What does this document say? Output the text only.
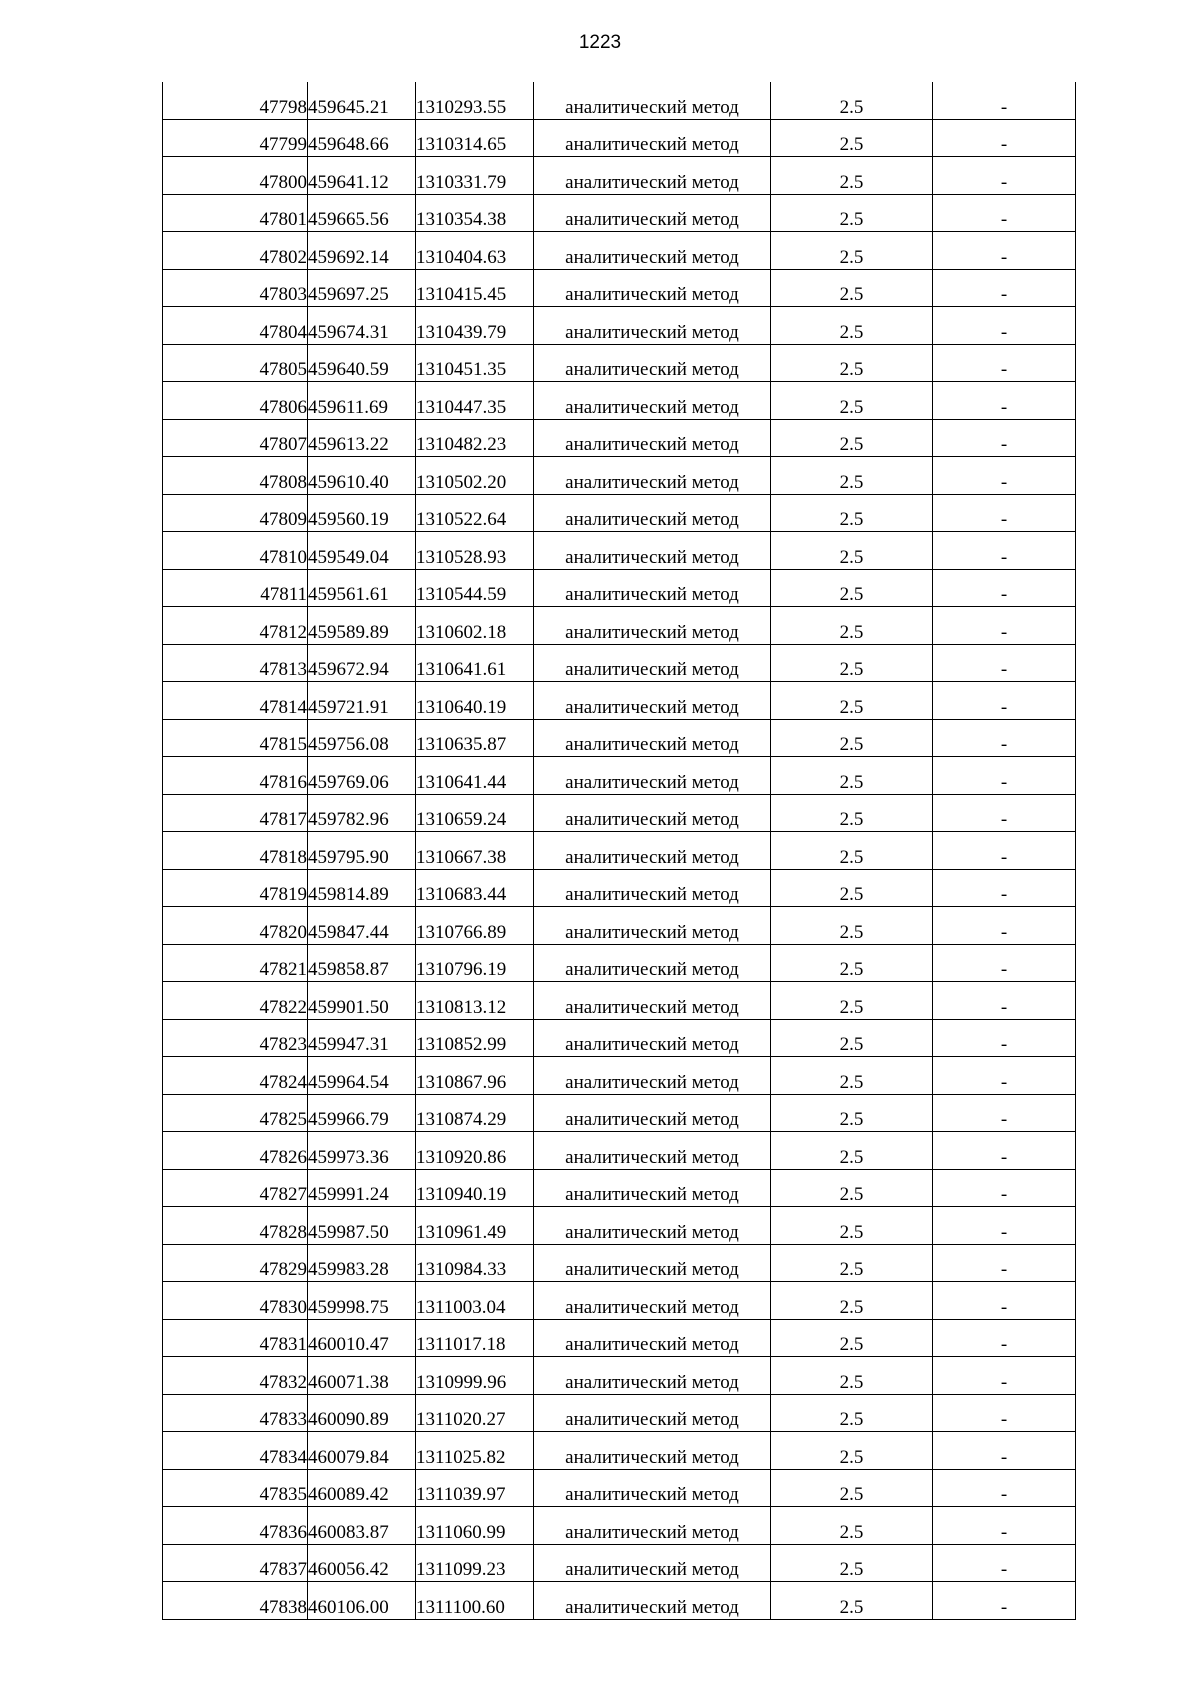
1223
47798	459645.21	1310293.55	аналитический метод	2.5	-
47799	459648.66	1310314.65	аналитический метод	2.5	-
47800	459641.12	1310331.79	аналитический метод	2.5	-
47801	459665.56	1310354.38	аналитический метод	2.5	-
47802	459692.14	1310404.63	аналитический метод	2.5	-
47803	459697.25	1310415.45	аналитический метод	2.5	-
47804	459674.31	1310439.79	аналитический метод	2.5	-
47805	459640.59	1310451.35	аналитический метод	2.5	-
47806	459611.69	1310447.35	аналитический метод	2.5	-
47807	459613.22	1310482.23	аналитический метод	2.5	-
47808	459610.40	1310502.20	аналитический метод	2.5	-
47809	459560.19	1310522.64	аналитический метод	2.5	-
47810	459549.04	1310528.93	аналитический метод	2.5	-
47811	459561.61	1310544.59	аналитический метод	2.5	-
47812	459589.89	1310602.18	аналитический метод	2.5	-
47813	459672.94	1310641.61	аналитический метод	2.5	-
47814	459721.91	1310640.19	аналитический метод	2.5	-
47815	459756.08	1310635.87	аналитический метод	2.5	-
47816	459769.06	1310641.44	аналитический метод	2.5	-
47817	459782.96	1310659.24	аналитический метод	2.5	-
47818	459795.90	1310667.38	аналитический метод	2.5	-
47819	459814.89	1310683.44	аналитический метод	2.5	-
47820	459847.44	1310766.89	аналитический метод	2.5	-
47821	459858.87	1310796.19	аналитический метод	2.5	-
47822	459901.50	1310813.12	аналитический метод	2.5	-
47823	459947.31	1310852.99	аналитический метод	2.5	-
47824	459964.54	1310867.96	аналитический метод	2.5	-
47825	459966.79	1310874.29	аналитический метод	2.5	-
47826	459973.36	1310920.86	аналитический метод	2.5	-
47827	459991.24	1310940.19	аналитический метод	2.5	-
47828	459987.50	1310961.49	аналитический метод	2.5	-
47829	459983.28	1310984.33	аналитический метод	2.5	-
47830	459998.75	1311003.04	аналитический метод	2.5	-
47831	460010.47	1311017.18	аналитический метод	2.5	-
47832	460071.38	1310999.96	аналитический метод	2.5	-
47833	460090.89	1311020.27	аналитический метод	2.5	-
47834	460079.84	1311025.82	аналитический метод	2.5	-
47835	460089.42	1311039.97	аналитический метод	2.5	-
47836	460083.87	1311060.99	аналитический метод	2.5	-
47837	460056.42	1311099.23	аналитический метод	2.5	-
47838	460106.00	1311100.60	аналитический метод	2.5	-
